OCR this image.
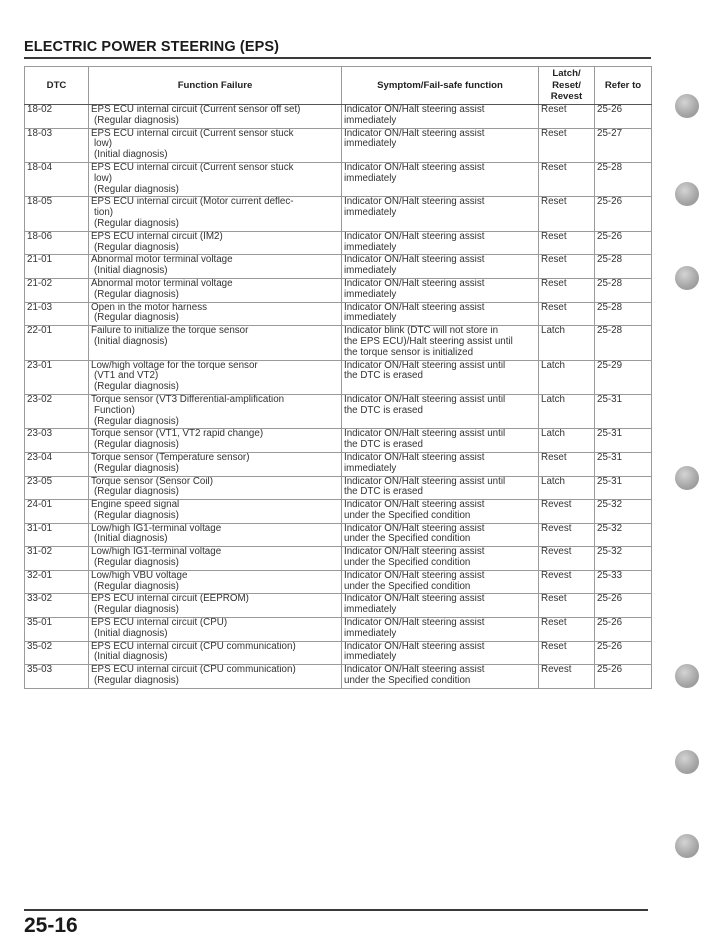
ELECTRIC POWER STEERING (EPS)
DTC	Function Failure	Symptom/Fail-safe function	Latch/
Reset/
Revest	Refer to
18-02	EPS ECU internal circuit (Current sensor off set)
(Regular diagnosis)	Indicator ON/Halt steering assist
immediately	Reset	25-26
18-03	EPS ECU internal circuit (Current sensor stuck
low)
(Initial diagnosis)	Indicator ON/Halt steering assist
immediately	Reset	25-27
18-04	EPS ECU internal circuit (Current sensor stuck
low)
(Regular diagnosis)	Indicator ON/Halt steering assist
immediately	Reset	25-28
18-05	EPS ECU internal circuit (Motor current deflec-
tion)
(Regular diagnosis)	Indicator ON/Halt steering assist
immediately	Reset	25-26
18-06	EPS ECU internal circuit (IM2)
(Regular diagnosis)	Indicator ON/Halt steering assist
immediately	Reset	25-26
21-01	Abnormal motor terminal voltage
(Initial diagnosis)	Indicator ON/Halt steering assist
immediately	Reset	25-28
21-02	Abnormal motor terminal voltage
(Regular diagnosis)	Indicator ON/Halt steering assist
immediately	Reset	25-28
21-03	Open in the motor harness
(Regular diagnosis)	Indicator ON/Halt steering assist
immediately	Reset	25-28
22-01	Failure to initialize the torque sensor
(Initial diagnosis)	Indicator blink (DTC will not store in
the EPS ECU)/Halt steering assist until
the torque sensor is initialized	Latch	25-28
23-01	Low/high voltage for the torque sensor
(VT1 and VT2)
(Regular diagnosis)	Indicator ON/Halt steering assist until
the DTC is erased	Latch	25-29
23-02	Torque sensor (VT3 Differential-amplification
Function)
(Regular diagnosis)	Indicator ON/Halt steering assist until
the DTC is erased	Latch	25-31
23-03	Torque sensor (VT1, VT2 rapid change)
(Regular diagnosis)	Indicator ON/Halt steering assist until
the DTC is erased	Latch	25-31
23-04	Torque sensor (Temperature sensor)
(Regular diagnosis)	Indicator ON/Halt steering assist
immediately	Reset	25-31
23-05	Torque sensor (Sensor Coil)
(Regular diagnosis)	Indicator ON/Halt steering assist until
the DTC is erased	Latch	25-31
24-01	Engine speed signal
(Regular diagnosis)	Indicator ON/Halt steering assist
under the Specified condition	Revest	25-32
31-01	Low/high IG1-terminal voltage
(Initial diagnosis)	Indicator ON/Halt steering assist
under the Specified condition	Revest	25-32
31-02	Low/high IG1-terminal voltage
(Regular diagnosis)	Indicator ON/Halt steering assist
under the Specified condition	Revest	25-32
32-01	Low/high VBU voltage
(Regular diagnosis)	Indicator ON/Halt steering assist
under the Specified condition	Revest	25-33
33-02	EPS ECU internal circuit (EEPROM)
(Regular diagnosis)	Indicator ON/Halt steering assist
immediately	Reset	25-26
35-01	EPS ECU internal circuit (CPU)
(Initial diagnosis)	Indicator ON/Halt steering assist
immediately	Reset	25-26
35-02	EPS ECU internal circuit (CPU communication)
(Initial diagnosis)	Indicator ON/Halt steering assist
immediately	Reset	25-26
35-03	EPS ECU internal circuit (CPU communication)
(Regular diagnosis)	Indicator ON/Halt steering assist
under the Specified condition	Revest	25-26
25-16
